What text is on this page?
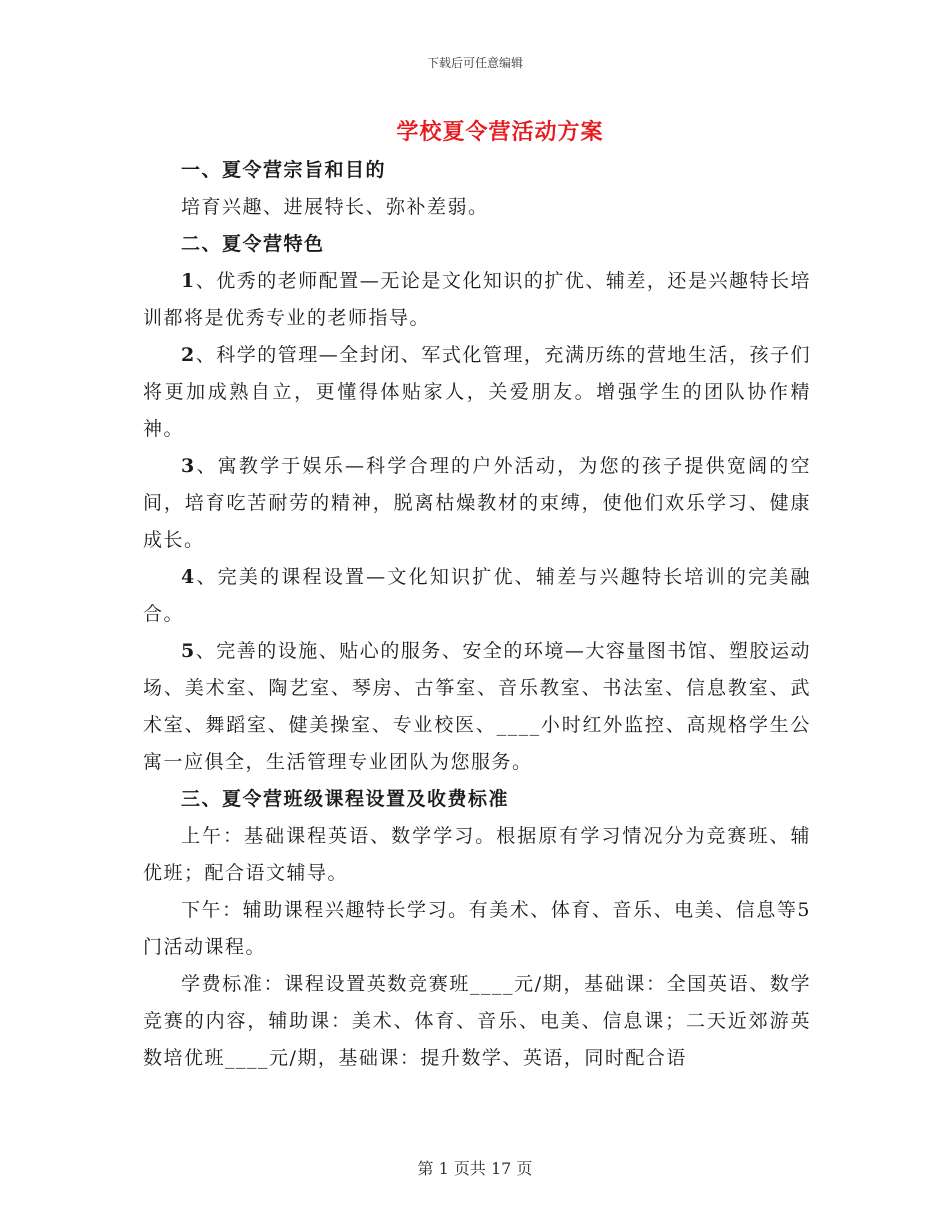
下载后可任意编辑
学校夏令营活动方案

一、夏令营宗旨和目的

培育兴趣、进展特长、弥补差弱。

二、夏令营特色

1、优秀的老师配置—无论是文化知识的扩优、辅差，还是兴趣特长培训都将是优秀专业的老师指导。

2、科学的管理—全封闭、军式化管理，充满历练的营地生活，孩子们将更加成熟自立，更懂得体贴家人，关爱朋友。增强学生的团队协作精神。

3、寓教学于娱乐—科学合理的户外活动，为您的孩子提供宽阔的空间，培育吃苦耐劳的精神，脱离枯燥教材的束缚，使他们欢乐学习、健康成长。

4、完美的课程设置—文化知识扩优、辅差与兴趣特长培训的完美融合。

5、完善的设施、贴心的服务、安全的环境—大容量图书馆、塑胶运动场、美术室、陶艺室、琴房、古筝室、音乐教室、书法室、信息教室、武术室、舞蹈室、健美操室、专业校医、____小时红外监控、高规格学生公寓一应俱全，生活管理专业团队为您服务。

三、夏令营班级课程设置及收费标准

上午：基础课程英语、数学学习。根据原有学习情况分为竞赛班、辅优班；配合语文辅导。

下午：辅助课程兴趣特长学习。有美术、体育、音乐、电美、信息等5门活动课程。

学费标准：课程设置英数竞赛班____元/期，基础课：全国英语、数学竞赛的内容，辅助课：美术、体育、音乐、电美、信息课；二天近郊游英数培优班____元/期，基础课：提升数学、英语，同时配合语

第 1 页共 17 页
